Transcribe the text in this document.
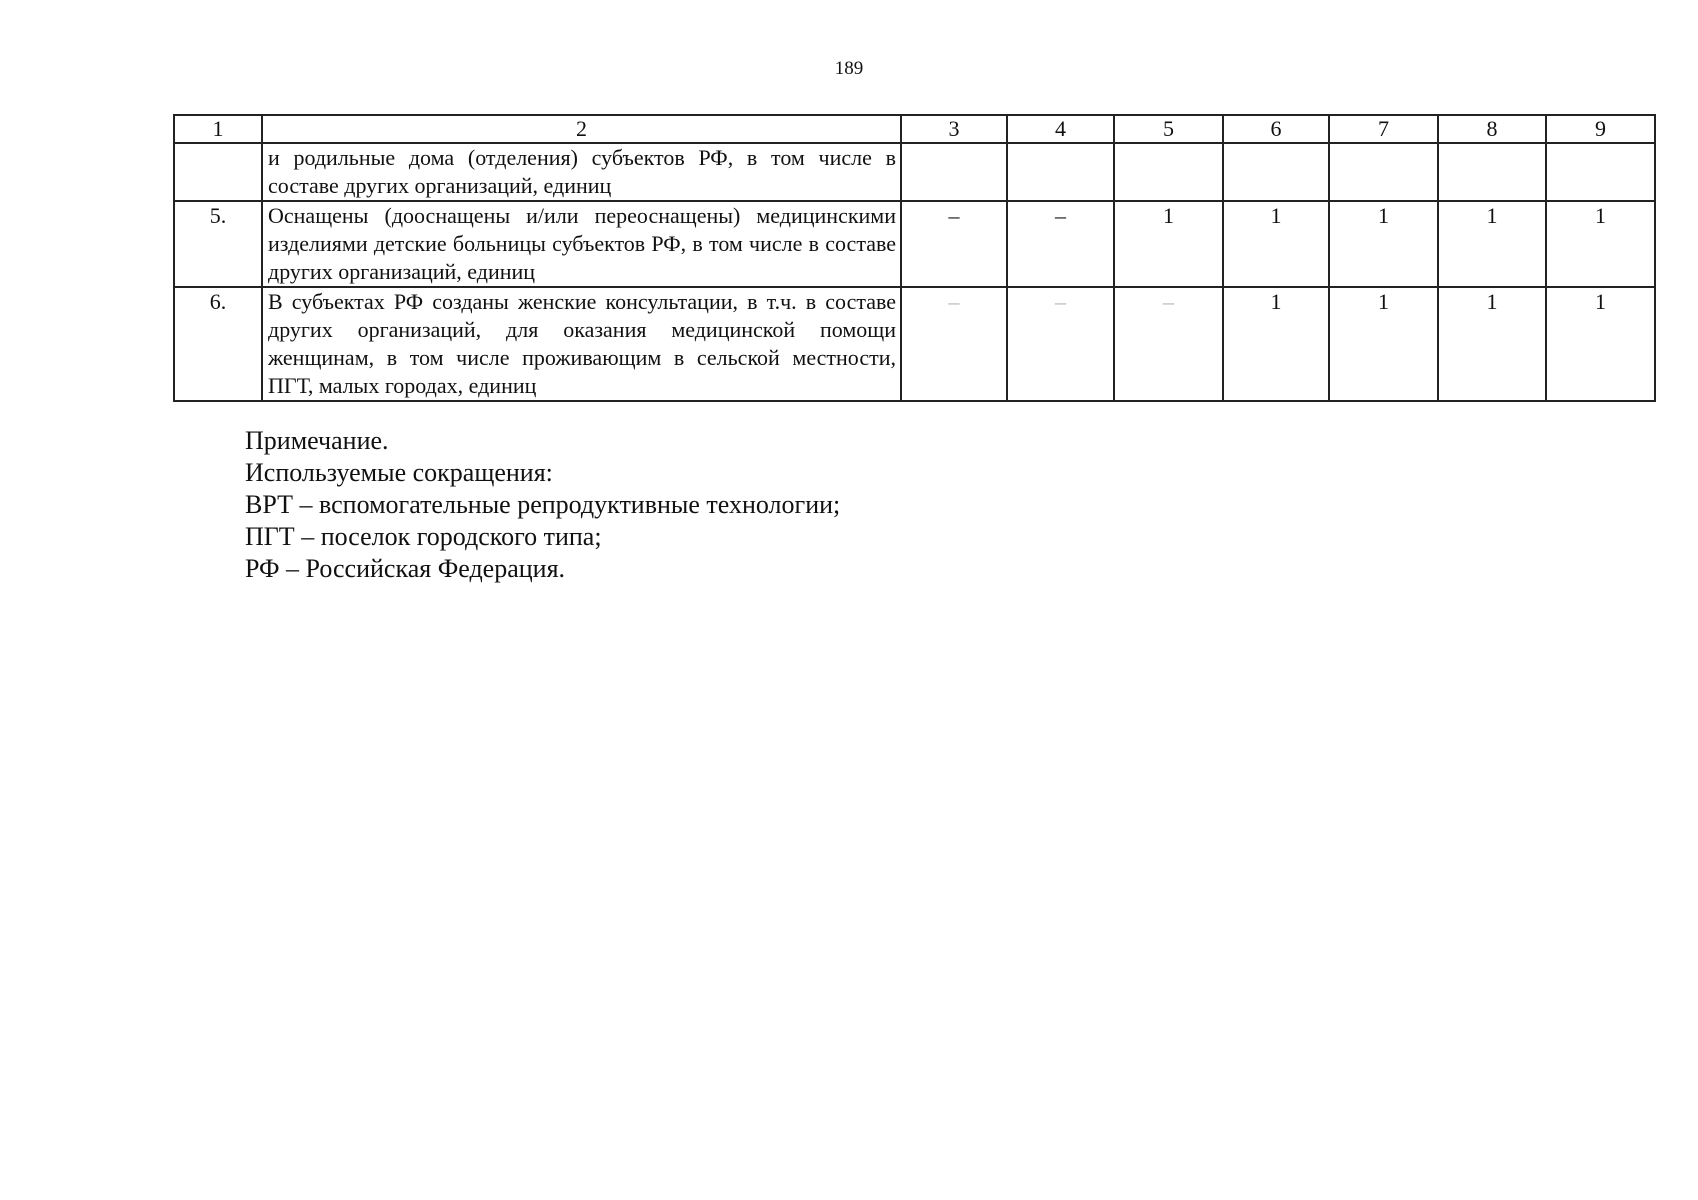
189
1	2	3	4	5	6	7	8	9
	и родильные дома (отделения) субъектов РФ, в том числе в составе других организаций, единиц							
5.	Оснащены (дооснащены и/или переоснащены) медицинскими изделиями детские больницы субъектов РФ, в том числе в составе других организаций, единиц	–	–	1	1	1	1	1
6.	В субъектах РФ созданы женские консультации, в т.ч. в составе других организаций, для оказания медицинской помощи женщинам, в том числе проживающим в сельской местности, ПГТ, малых городах, единиц	–	–	–	1	1	1	1
Примечание.
Используемые сокращения:
ВРТ – вспомогательные репродуктивные технологии;
ПГТ – поселок городского типа;
РФ – Российская Федерация.
